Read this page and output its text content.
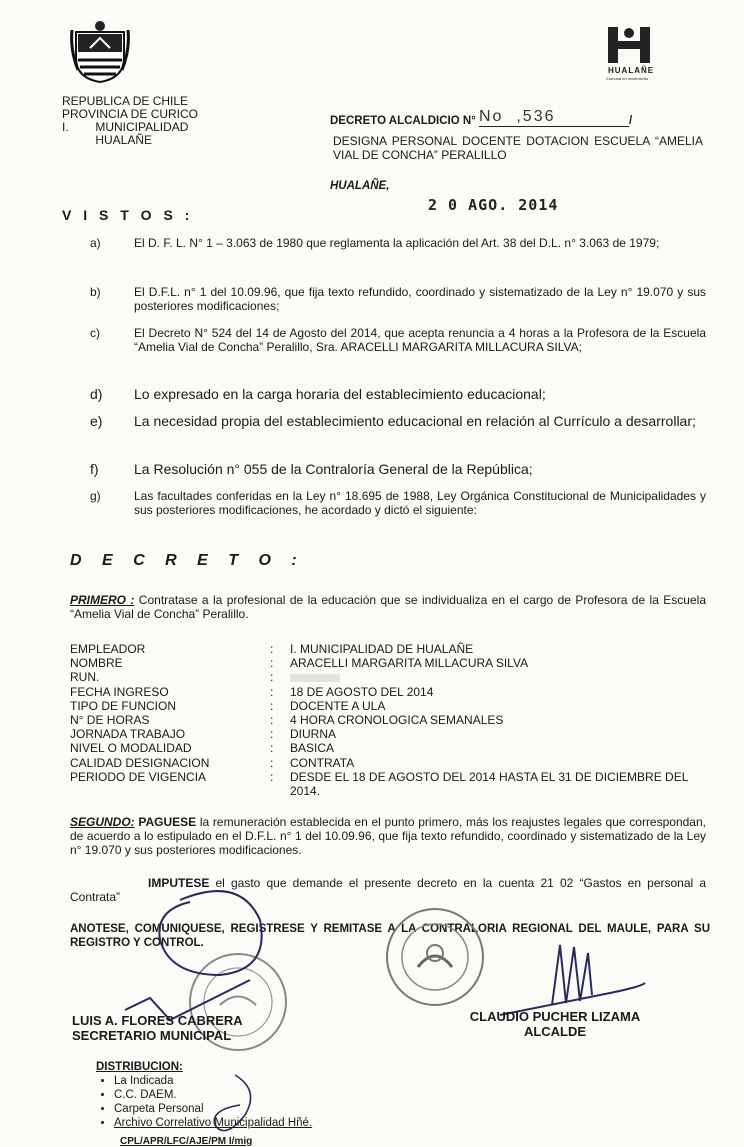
HUALAÑE
Comuna en movimiento
REPUBLICA DE CHILE
PROVINCIA DE CURICO
I.        MUNICIPALIDAD
HUALAÑE
DECRETO ALCALDICIO N° No  ,536	/
DESIGNA PERSONAL DOCENTE DOTACION ESCUELA “AMELIA VIAL DE CONCHA” PERALILLO
HUALAÑE,
2 0 AGO. 2014
V I S T O S :
a)	El D. F. L. N° 1 – 3.063 de 1980 que reglamenta la aplicación del Art. 38 del D.L. n° 3.063 de 1979;
b)	El D.F.L. n° 1 del 10.09.96, que fija texto refundido, coordinado y sistematizado de la Ley n° 19.070 y sus posteriores modificaciones;
c)	El Decreto N° 524 del 14 de Agosto del 2014, que acepta renuncia a 4 horas a la Profesora de la Escuela “Amelia Vial de Concha” Peralillo, Sra. ARACELLI MARGARITA MILLACURA SILVA;
d) Lo expresado en la carga horaria del establecimiento educacional;
e) La necesidad propia del establecimiento educacional en relación al Currículo a desarrollar;
f)	La Resolución n° 055 de la Contraloría General de la República;
g)	Las facultades conferidas en la Ley n° 18.695 de 1988, Ley Orgánica Constitucional de Municipalidades y sus posteriores modificaciones, he acordado y dictó el siguiente:
D E C R E T O :
PRIMERO : Contratase a la profesional de la educación que se individualiza en el cargo de Profesora de la Escuela “Amelia Vial de Concha” Peralillo.
EMPLEADOR	:	I. MUNICIPALIDAD DE HUALAÑE
NOMBRE	:	ARACELLI MARGARITA MILLACURA SILVA
RUN.	:
FECHA INGRESO	:	18 DE AGOSTO DEL 2014
TIPO DE FUNCION	:	DOCENTE A ULA
N° DE HORAS	:	4 HORA CRONOLOGICA SEMANALES
JORNADA TRABAJO	:	DIURNA
NIVEL O MODALIDAD	:	BASICA
CALIDAD DESIGNACION	:	CONTRATA
PERIODO DE VIGENCIA	:	DESDE EL 18 DE AGOSTO DEL 2014 HASTA EL 31 DE DICIEMBRE DEL 2014.
SEGUNDO: PAGUESE la remuneración establecida en el punto primero, más los reajustes legales que correspondan, de acuerdo a lo estipulado en el D.F.L. n° 1 del 10.09.96, que fija texto refundido, coordinado y sistematizado de la Ley n° 19.070 y sus posteriores modificaciones.
IMPUTESE el gasto que demande el presente decreto en la cuenta 21 02 “Gastos en personal a Contrata”
ANOTESE, COMUNIQUESE, REGISTRESE Y REMITASE A LA CONTRALORIA REGIONAL DEL MAULE, PARA SU REGISTRO Y CONTROL.
LUIS A. FLORES CABRERA
SECRETARIO MUNICIPAL
CLAUDIO PUCHER LIZAMA
ALCALDE
DISTRIBUCION:
• La Indicada
• C.C. DAEM.
• Carpeta Personal
• Archivo Correlativo Municipalidad Hñé.
CPL/APR/LFC/AJE/PM I/mig
